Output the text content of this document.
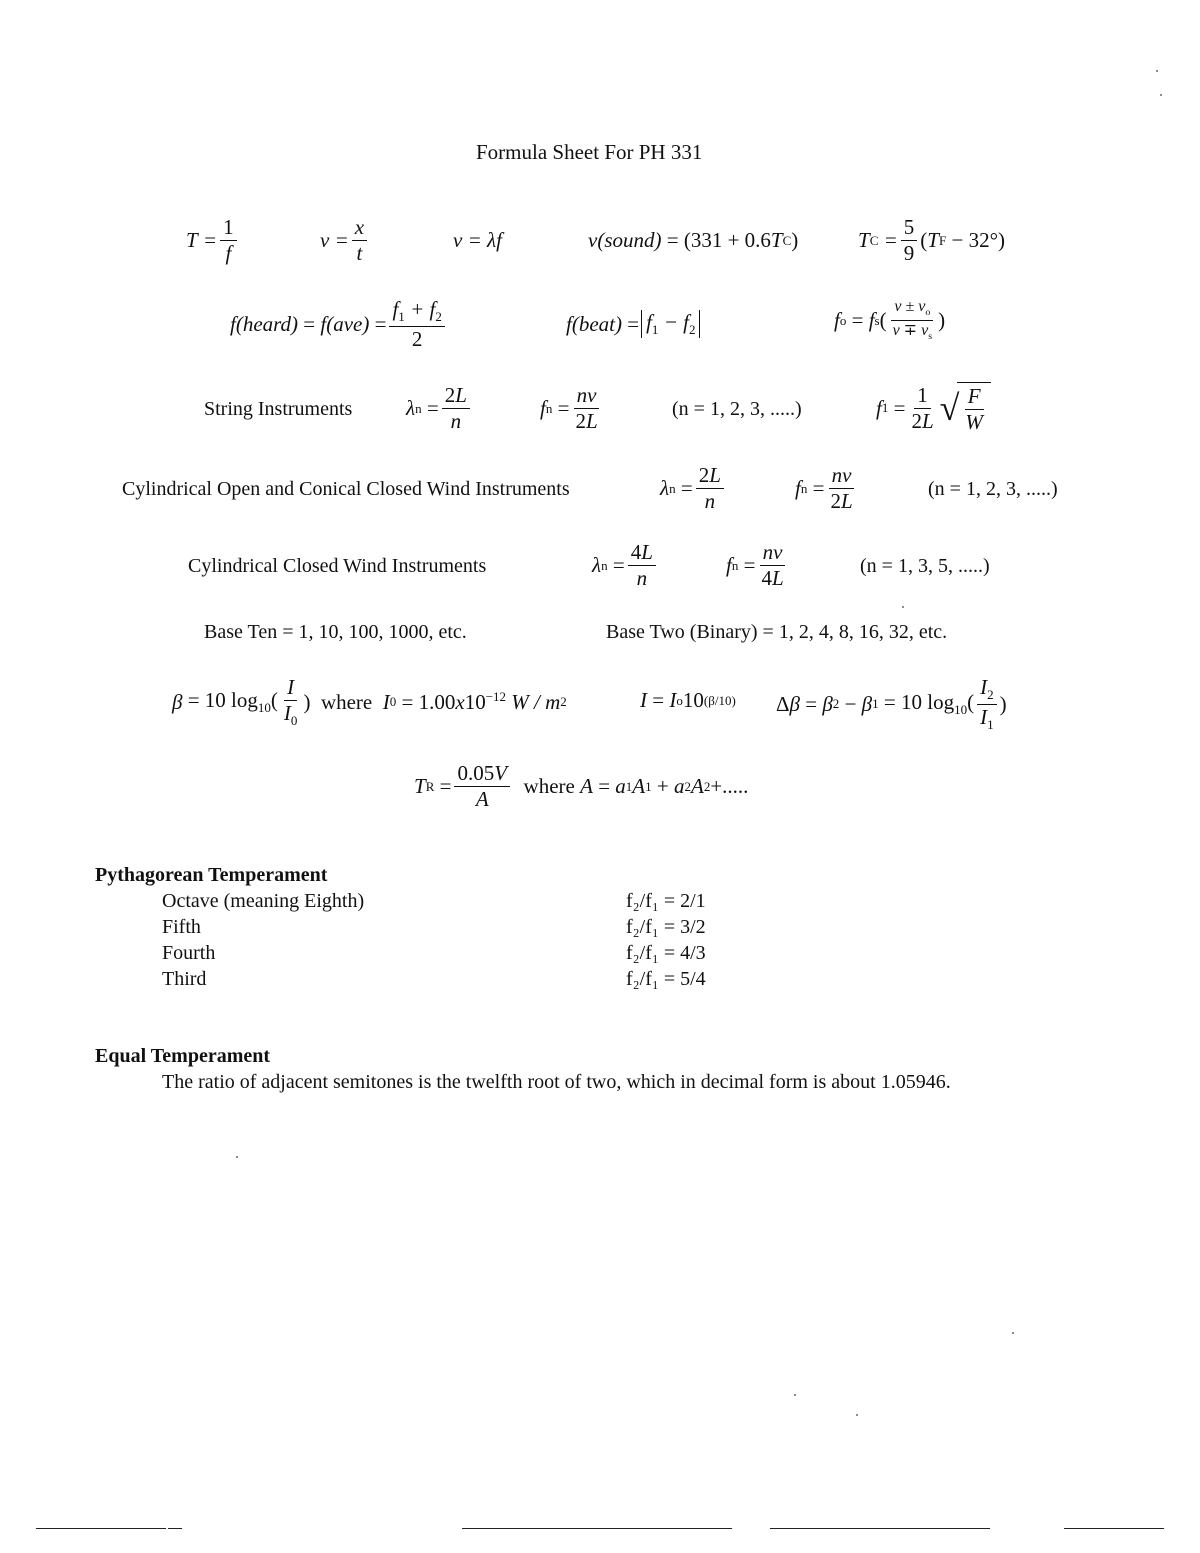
Formula Sheet For PH 331
$T = \frac{1}{f}$	$v = \frac{x}{t}$	v = λf	v(sound) = (331 + 0.6 T C )	T $C = \frac{5}{9}$ ( T F − 32°)
f(heard) = $f(ave) = \frac{f_1 + f_2}{2}$	f(beat) = $f_1 - f_2$	f o
= f s ( $\frac{v \pm v_o}{v \mp v_s}$ )
String Instruments	λ n
= $\frac{2L}{n}$	f n
= $\frac{nv}{2L}$	(n = 1, 2, 3, .....)	f 1
= $\frac{1}{2L}$ √ $\frac{F}{W}$
Cylindrical Open and Conical Closed Wind Instruments	λ n
= $\frac{2L}{n}$	f n
= $\frac{nv}{2L}$	(n = 1, 2, 3, .....)
Cylindrical Closed Wind Instruments	λ n
= $\frac{4L}{n}$	f n
= $\frac{nv}{4L}$	(n = 1, 3, 5, .....)
Base Ten = 1, 10, 100, 1000, etc.	Base Two (Binary) = 1, 2, 4, 8, 16, 32, etc.
β = 10 $\log_{10}( \frac{I}{I_0}$ ) where I 0
= 1.00 x $10^{-12}$ W / m 2	I = I o 10 (β/10) Δ β = β 2
− β 1
= 10 $\log_{10}( \frac{I_2}{I_1}$ )
T R
= $\frac{0.05V}{A}$
where A = a 1 A 1
+ a 2 A 2 +.....
Pythagorean Temperament
Octave (meaning Eighth)	f₂/f₁ = 2/1
Fifth	f₂/f₁ = 3/2
Fourth	f₂/f₁ = 4/3
Third	f₂/f₁ = 5/4
Equal Temperament
The ratio of adjacent semitones is the twelfth root of two, which in decimal form is about 1.05946.
